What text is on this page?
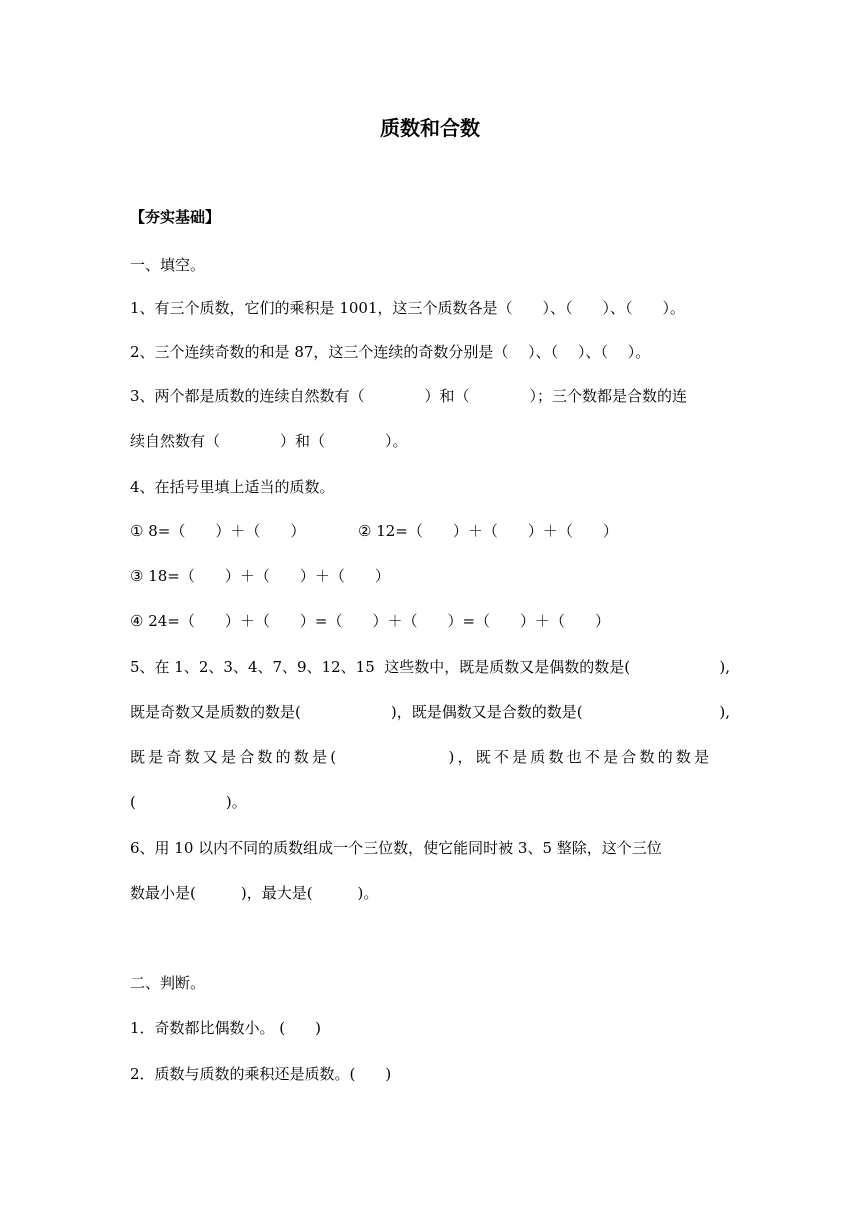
质数和合数

【夯实基础】

一、填空。

1、有三个质数，它们的乘积是 1001，这三个质数各是（　　）、（　　）、（　　）。

2、三个连续奇数的和是 87，这三个连续的奇数分别是（　 ）、（　 ）、（　 ）。

3、两个都是质数的连续自然数有（　　　　）和（　　　　）；三个数都是合数的连

续自然数有（　　　　）和（　　　　）。

4、在括号里填上适当的质数。

① 8=（　　）＋（　　）	② 12=（　　）＋（　　）＋（　　）

③ 18=（　　）＋（　　）＋（　　）

④ 24=（　　）＋（　　）=（　　）＋（　　）=（　　）＋（　　）

5、在 1、2、3、4、7、9、12、15  这些数中，既是质数又是偶数的数是(	),
既是奇数又是质数的数是(　　　　　　)，既是偶数又是合数的数是(	),

既是奇数又是合数的数是(　　　　　　)，既不是质数也不是合数的数是

(　　　　　　)。

6、用 10 以内不同的质数组成一个三位数，使它能同时被 3、5 整除，这个三位

数最小是(　　　)，最大是(　　　)。

二、判断。

1．奇数都比偶数小。 (　　)

2．质数与质数的乘积还是质数。(　　)
